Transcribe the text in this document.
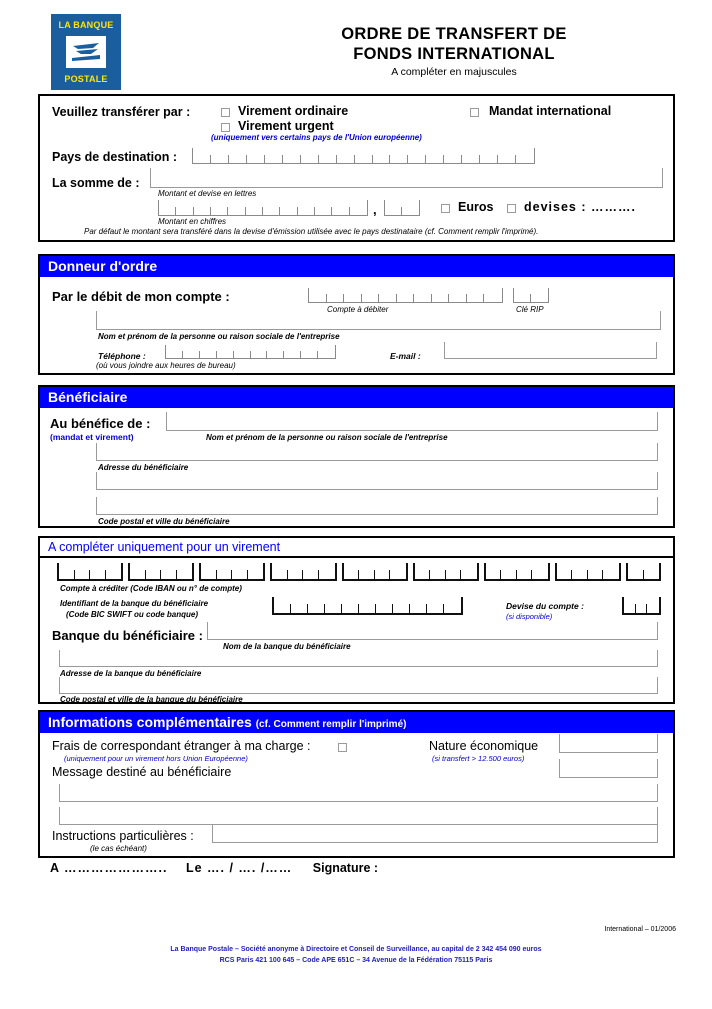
LA BANQUE
POSTALE
ORDRE DE TRANSFERT DE
FONDS INTERNATIONAL
A compléter en majuscules
Veuillez transférer par :	Virement ordinaire
Virement urgent
(uniquement vers certains pays de l'Union européenne)
Mandat international
Pays de destination :
La somme de :
Montant et devise en lettres
,	Euros devises : ……….
Montant en chiffres
Par défaut le montant sera transféré dans la devise d'émission utilisée avec le pays destinataire (cf. Comment remplir l'imprimé).
Donneur d'ordre
Par le débit de mon compte :
Compte à débiter	Clé RIP
Nom et prénom de la personne ou raison sociale de l'entreprise
Téléphone :
(où vous joindre aux heures de bureau)
E-mail :
Bénéficiaire
Au bénéfice de :
(mandat et virement)	Nom et prénom de la personne ou raison sociale de l'entreprise
Adresse du bénéficiaire
Code postal et ville du bénéficiaire
A compléter uniquement pour un virement
Compte à créditer (Code IBAN ou n° de compte)
Identifiant de la banque du bénéficiaire
(Code BIC SWIFT ou code banque)
Devise du compte :
(si disponible)
Banque du bénéficiaire :
Nom de la banque du bénéficiaire
Adresse de la banque du bénéficiaire
Code postal et ville de la banque du bénéficiaire
Informations complémentaires (cf. Comment remplir l'imprimé)
Frais de correspondant étranger à ma charge :
(uniquement pour un virement hors Union Européenne)
Nature économique
(si transfert > 12.500 euros)
Message destiné au bénéficiaire
Instructions particulières :
(le cas échéant)
A ………………….. Le …. / …. /…… Signature :
International – 01/2006
La Banque Postale – Société anonyme à Directoire et Conseil de Surveillance, au capital de 2 342 454 090 euros
RCS Paris 421 100 645 – Code APE 651C – 34 Avenue de la Fédération 75115 Paris
